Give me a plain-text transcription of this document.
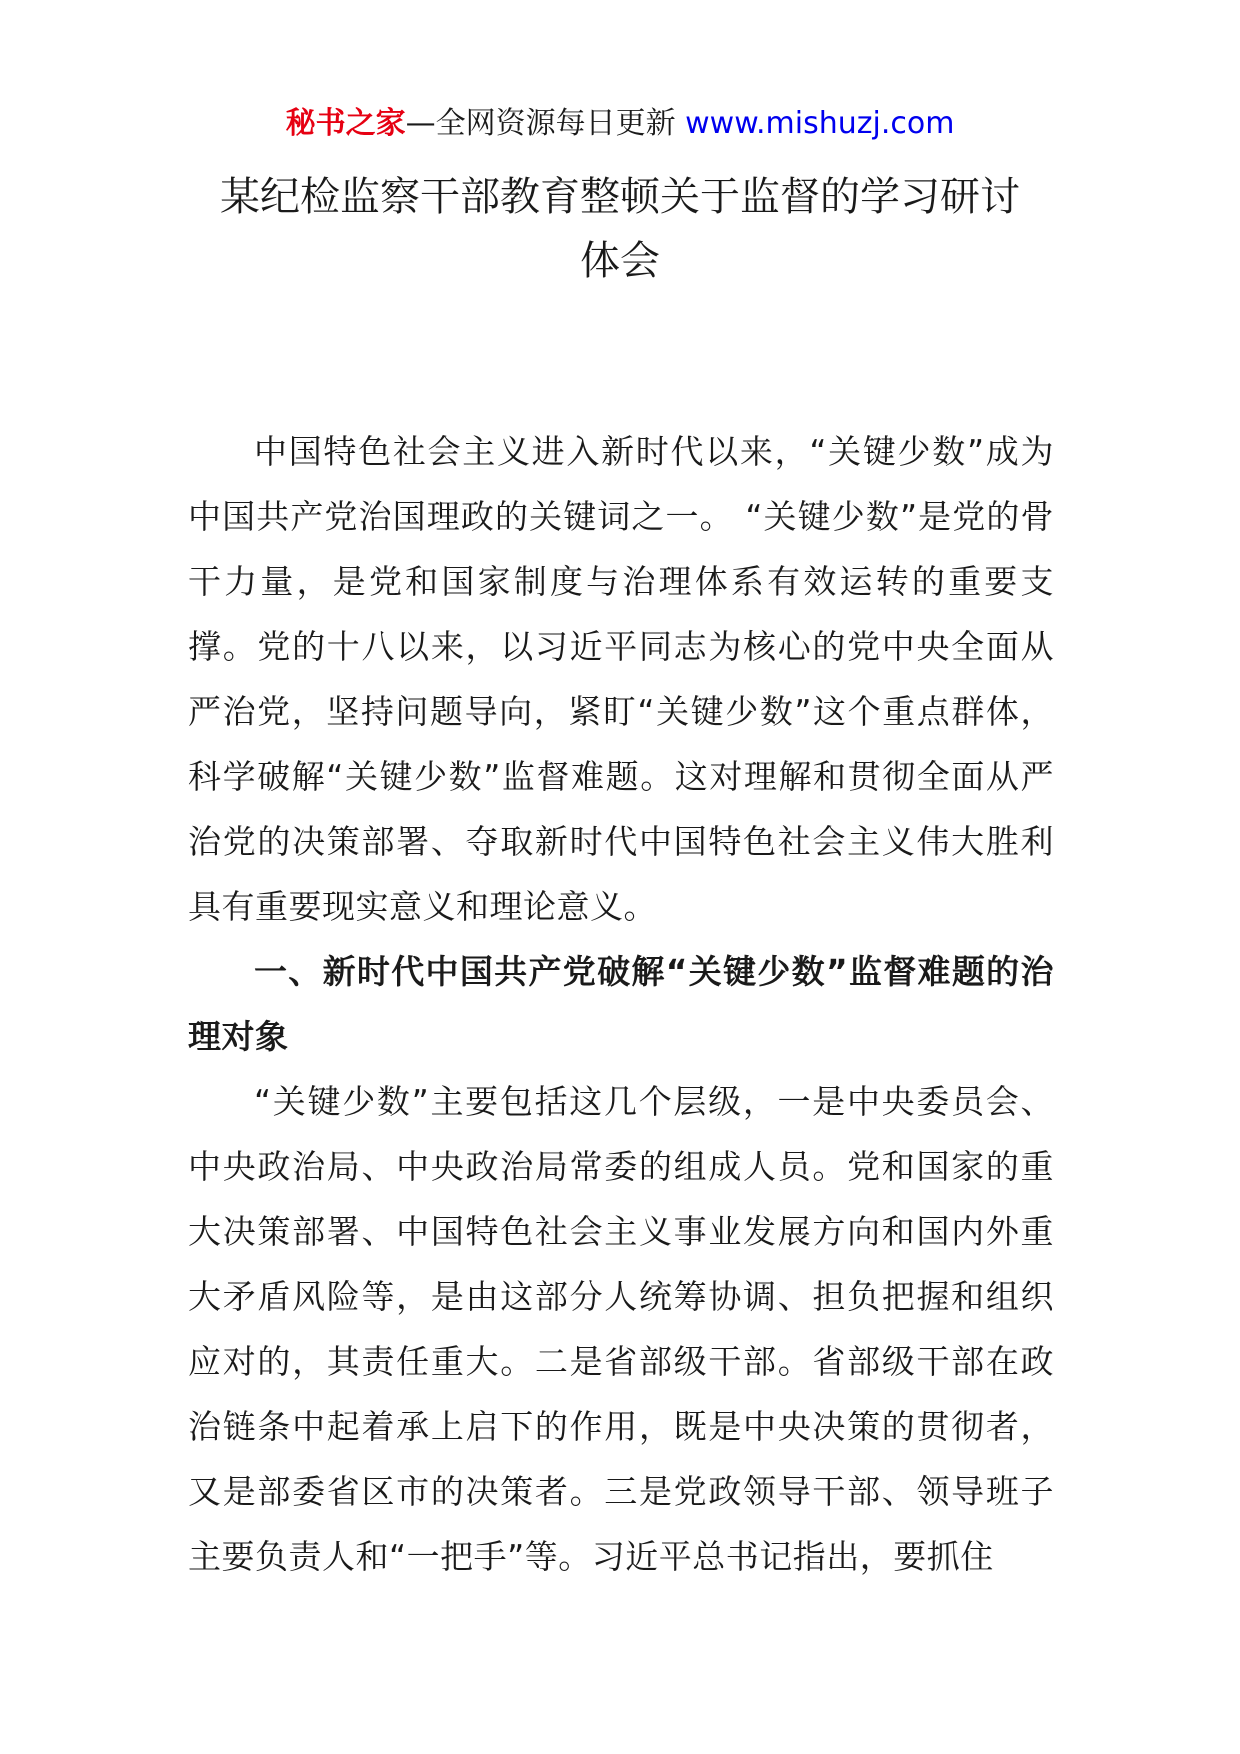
秘书之家—全网资源每日更新 www.mishuzj.com
某纪检监察干部教育整顿关于监督的学习研讨
体会

中国特色社会主义进入新时代以来，“关键少数”成为中国共产党治国理政的关键词之一。 “关键少数”是党的骨干力量，是党和国家制度与治理体系有效运转的重要支撑。党的十八以来，以习近平同志为核心的党中央全面从严治党，坚持问题导向，紧盯“关键少数”这个重点群体，科学破解“关键少数”监督难题。这对理解和贯彻全面从严治党的决策部署、夺取新时代中国特色社会主义伟大胜利具有重要现实意义和理论意义。

一、新时代中国共产党破解“关键少数”监督难题的治理对象

“关键少数”主要包括这几个层级，一是中央委员会、中央政治局、中央政治局常委的组成人员。党和国家的重大决策部署、中国特色社会主义事业发展方向和国内外重大矛盾风险等，是由这部分人统筹协调、担负把握和组织应对的，其责任重大。二是省部级干部。省部级干部在政治链条中起着承上启下的作用，既是中央决策的贯彻者，又是部委省区市的决策者。三是党政领导干部、领导班子主要负责人和“一把手”等。习近平总书记指出，要抓住
